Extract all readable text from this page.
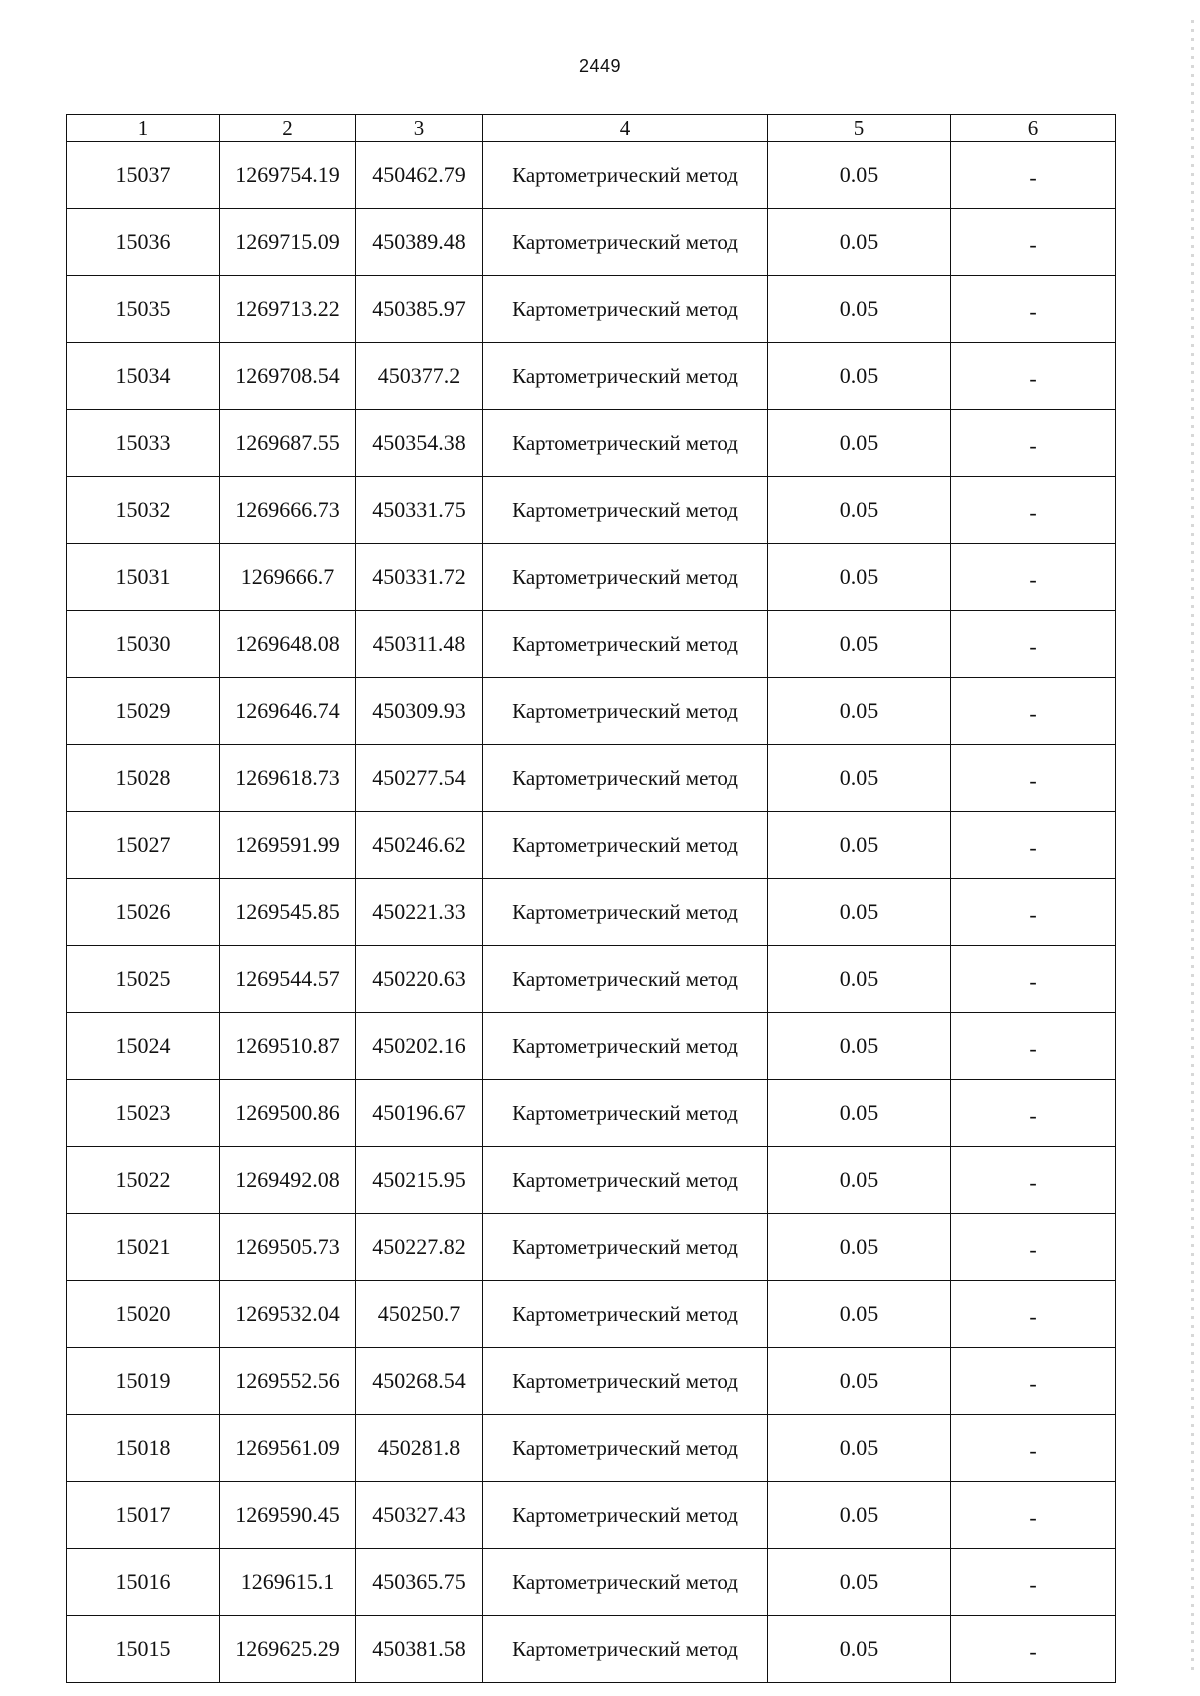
2449
1	2	3	4	5	6
15037	1269754.19	450462.79	Картометрический метод	0.05	-
15036	1269715.09	450389.48	Картометрический метод	0.05	-
15035	1269713.22	450385.97	Картометрический метод	0.05	-
15034	1269708.54	450377.2	Картометрический метод	0.05	-
15033	1269687.55	450354.38	Картометрический метод	0.05	-
15032	1269666.73	450331.75	Картометрический метод	0.05	-
15031	1269666.7	450331.72	Картометрический метод	0.05	-
15030	1269648.08	450311.48	Картометрический метод	0.05	-
15029	1269646.74	450309.93	Картометрический метод	0.05	-
15028	1269618.73	450277.54	Картометрический метод	0.05	-
15027	1269591.99	450246.62	Картометрический метод	0.05	-
15026	1269545.85	450221.33	Картометрический метод	0.05	-
15025	1269544.57	450220.63	Картометрический метод	0.05	-
15024	1269510.87	450202.16	Картометрический метод	0.05	-
15023	1269500.86	450196.67	Картометрический метод	0.05	-
15022	1269492.08	450215.95	Картометрический метод	0.05	-
15021	1269505.73	450227.82	Картометрический метод	0.05	-
15020	1269532.04	450250.7	Картометрический метод	0.05	-
15019	1269552.56	450268.54	Картометрический метод	0.05	-
15018	1269561.09	450281.8	Картометрический метод	0.05	-
15017	1269590.45	450327.43	Картометрический метод	0.05	-
15016	1269615.1	450365.75	Картометрический метод	0.05	-
15015	1269625.29	450381.58	Картометрический метод	0.05	-
